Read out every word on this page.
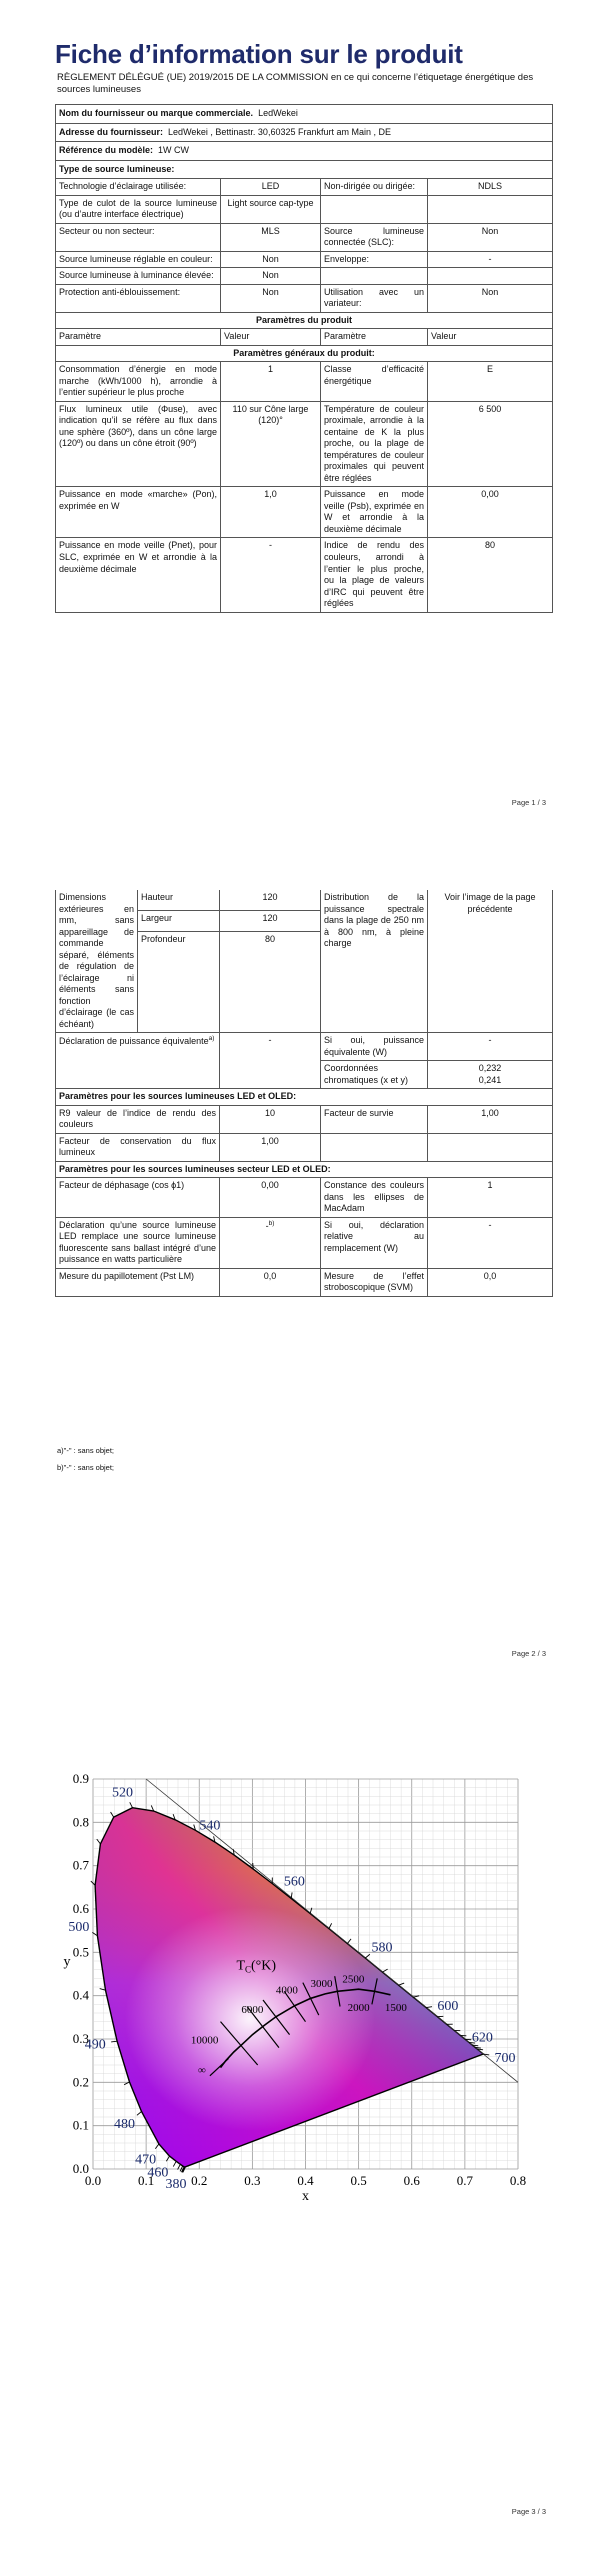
Fiche d’information sur le produit
RÈGLEMENT DÉLÉGUÉ (UE) 2019/2015 DE LA COMMISSION en ce qui concerne l’étiquetage énergétique des sources lumineuses
Nom du fournisseur ou marque commerciale. LedWekei			
Adresse du fournisseur: LedWekei , Bettinastr. 30,60325 Frankfurt am Main , DE			
Référence du modèle: 1W CW			
Type de source lumineuse:			
Technologie d’éclairage utilisée:	LED	Non-dirigée ou dirigée:	NDLS
Type de culot de la source lumineuse (ou d’autre interface électrique)	Light source cap-type		
Secteur ou non secteur:	MLS	Source lumineuse connectée (SLC):	Non
Source lumineuse réglable en couleur:	Non	Enveloppe:	-
Source lumineuse à luminance élevée:	Non		
Protection anti-éblouissement:	Non	Utilisation avec un variateur:	Non
Paramètres du produit			
Paramètre	Valeur	Paramètre	Valeur
Paramètres généraux du produit:			
Consommation d’énergie en mode marche (kWh/1000 h), arrondie à l’entier supérieur le plus proche	1	Classe d’efficacité énergétique	E
Flux lumineux utile (Φuse), avec indication qu’il se réfère au flux dans une sphère (360º), dans un cône large (120º) ou dans un cône étroit (90º)	110 sur Cône large (120)°	Température de couleur proximale, arrondie à la centaine de K la plus proche, ou la plage de températures de couleur proximales qui peuvent être réglées	6 500
Puissance en mode «marche» (Pon), exprimée en W	1,0	Puissance en mode veille (Psb), exprimée en W et arrondie à la deuxième décimale	0,00
Puissance en mode veille (Pnet), pour SLC, exprimée en W et arrondie à la deuxième décimale	-	Indice de rendu des couleurs, arrondi à l’entier le plus proche, ou la plage de valeurs d’IRC qui peuvent être réglées	80
Page 1 / 3
Dimensions extérieures en mm, sans appareillage de commande séparé, éléments de régulation de l’éclairage ni éléments sans fonction d’éclairage (le cas échéant)	Hauteur	120	Distribution de la puissance spectrale dans la plage de 250 nm à 800 nm, à pleine charge	Voir l’image de la page précédente
	Largeur	120		
	Profondeur	80		

Déclaration de puissance équivalente$^{a)}$		-	Si oui, puissance équivalente (W)	-
			Coordonnées chromatiques (x et y)	0,232
0,241

Paramètres pour les sources lumineuses LED et OLED:				
R9 valeur de l’indice de rendu des couleurs		10	Facteur de survie	1,00
Facteur de conservation du flux lumineux		1,00		
Paramètres pour les sources lumineuses secteur LED et OLED:				
Facteur de déphasage (cos ϕ1)		0,00	Constance des couleurs dans les ellipses de MacAdam	1
Déclaration qu’une source lumineuse LED remplace une source lumineuse fluorescente sans ballast intégré d’une puissance en watts particulière		-$^{b)}$	Si oui, déclaration relative au remplacement (W)	-
Mesure du papillotement (Pst LM)		0,0	Mesure de l’effet stroboscopique (SVM)	0,0
a)"-" : sans objet;
b)"-" : sans objet;
Page 2 / 3
380
460
470
480
490
500
520
540
560
580
600
620
700
0.0	0.1	0.2	0.3	0.4	0.5	0.6	0.7	0.8
0.0
0.1
0.2
0.3
0.4
0.5
0.6
0.7
0.8
0.9
10000
6000
4000
3000 2500
2000 1500
∞
$T_C(^\circ K)$
x
y
Page 3 / 3
